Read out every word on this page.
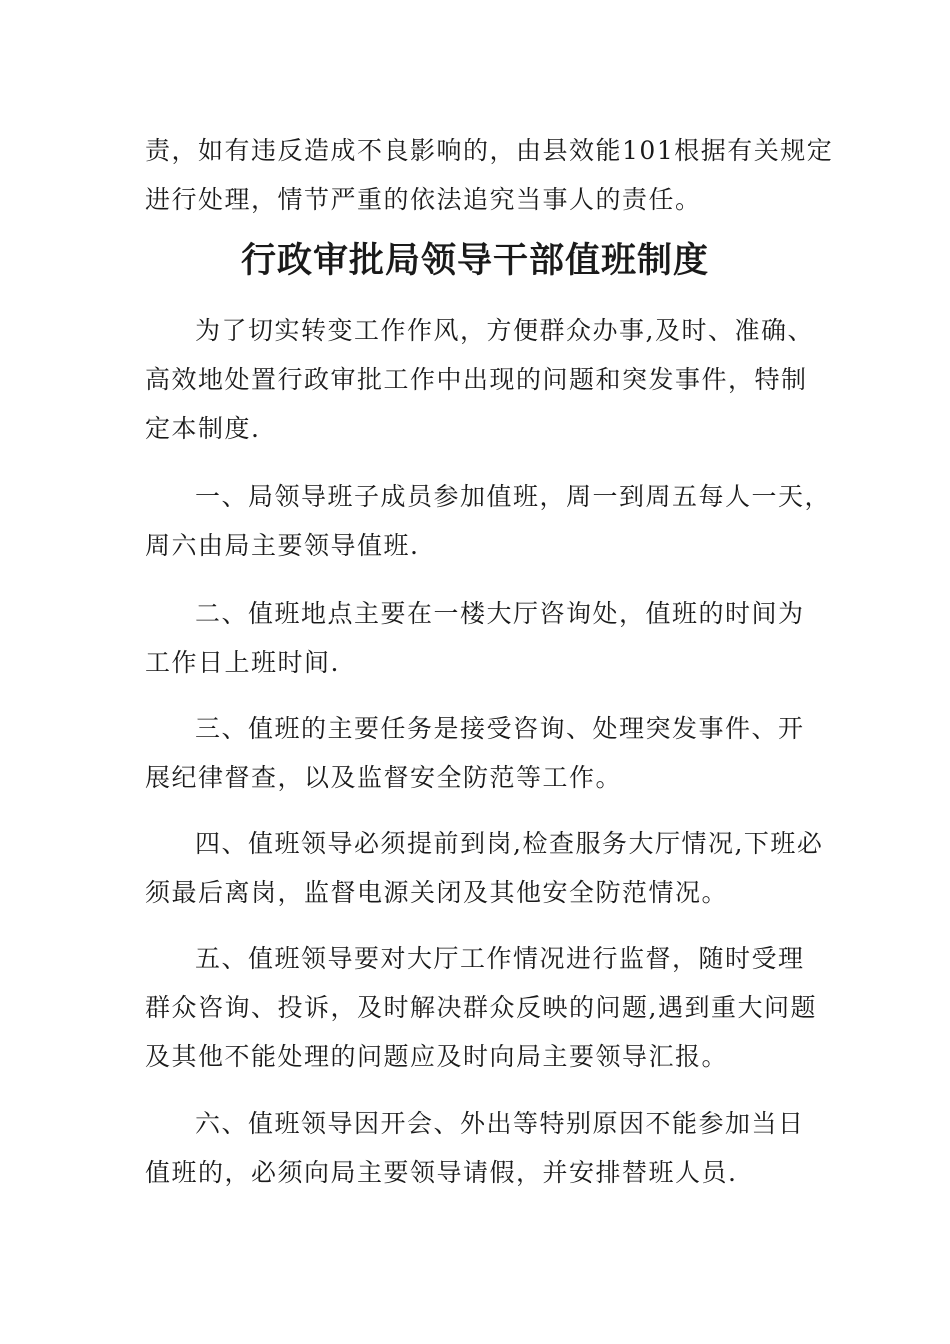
责，如有违反造成不良影响的，由县效能101根据有关规定
进行处理，情节严重的依法追究当事人的责任。
行政审批局领导干部值班制度
为了切实转变工作作风，方便群众办事,及时、准确、
高效地处置行政审批工作中出现的问题和突发事件，特制
定本制度.
一、局领导班子成员参加值班，周一到周五每人一天，
周六由局主要领导值班.
二、值班地点主要在一楼大厅咨询处，值班的时间为
工作日上班时间.
三、值班的主要任务是接受咨询、处理突发事件、开
展纪律督查，以及监督安全防范等工作。
四、值班领导必须提前到岗,检查服务大厅情况,下班必
须最后离岗，监督电源关闭及其他安全防范情况。
五、值班领导要对大厅工作情况进行监督，随时受理
群众咨询、投诉，及时解决群众反映的问题,遇到重大问题
及其他不能处理的问题应及时向局主要领导汇报。
六、值班领导因开会、外出等特别原因不能参加当日
值班的，必须向局主要领导请假，并安排替班人员.
